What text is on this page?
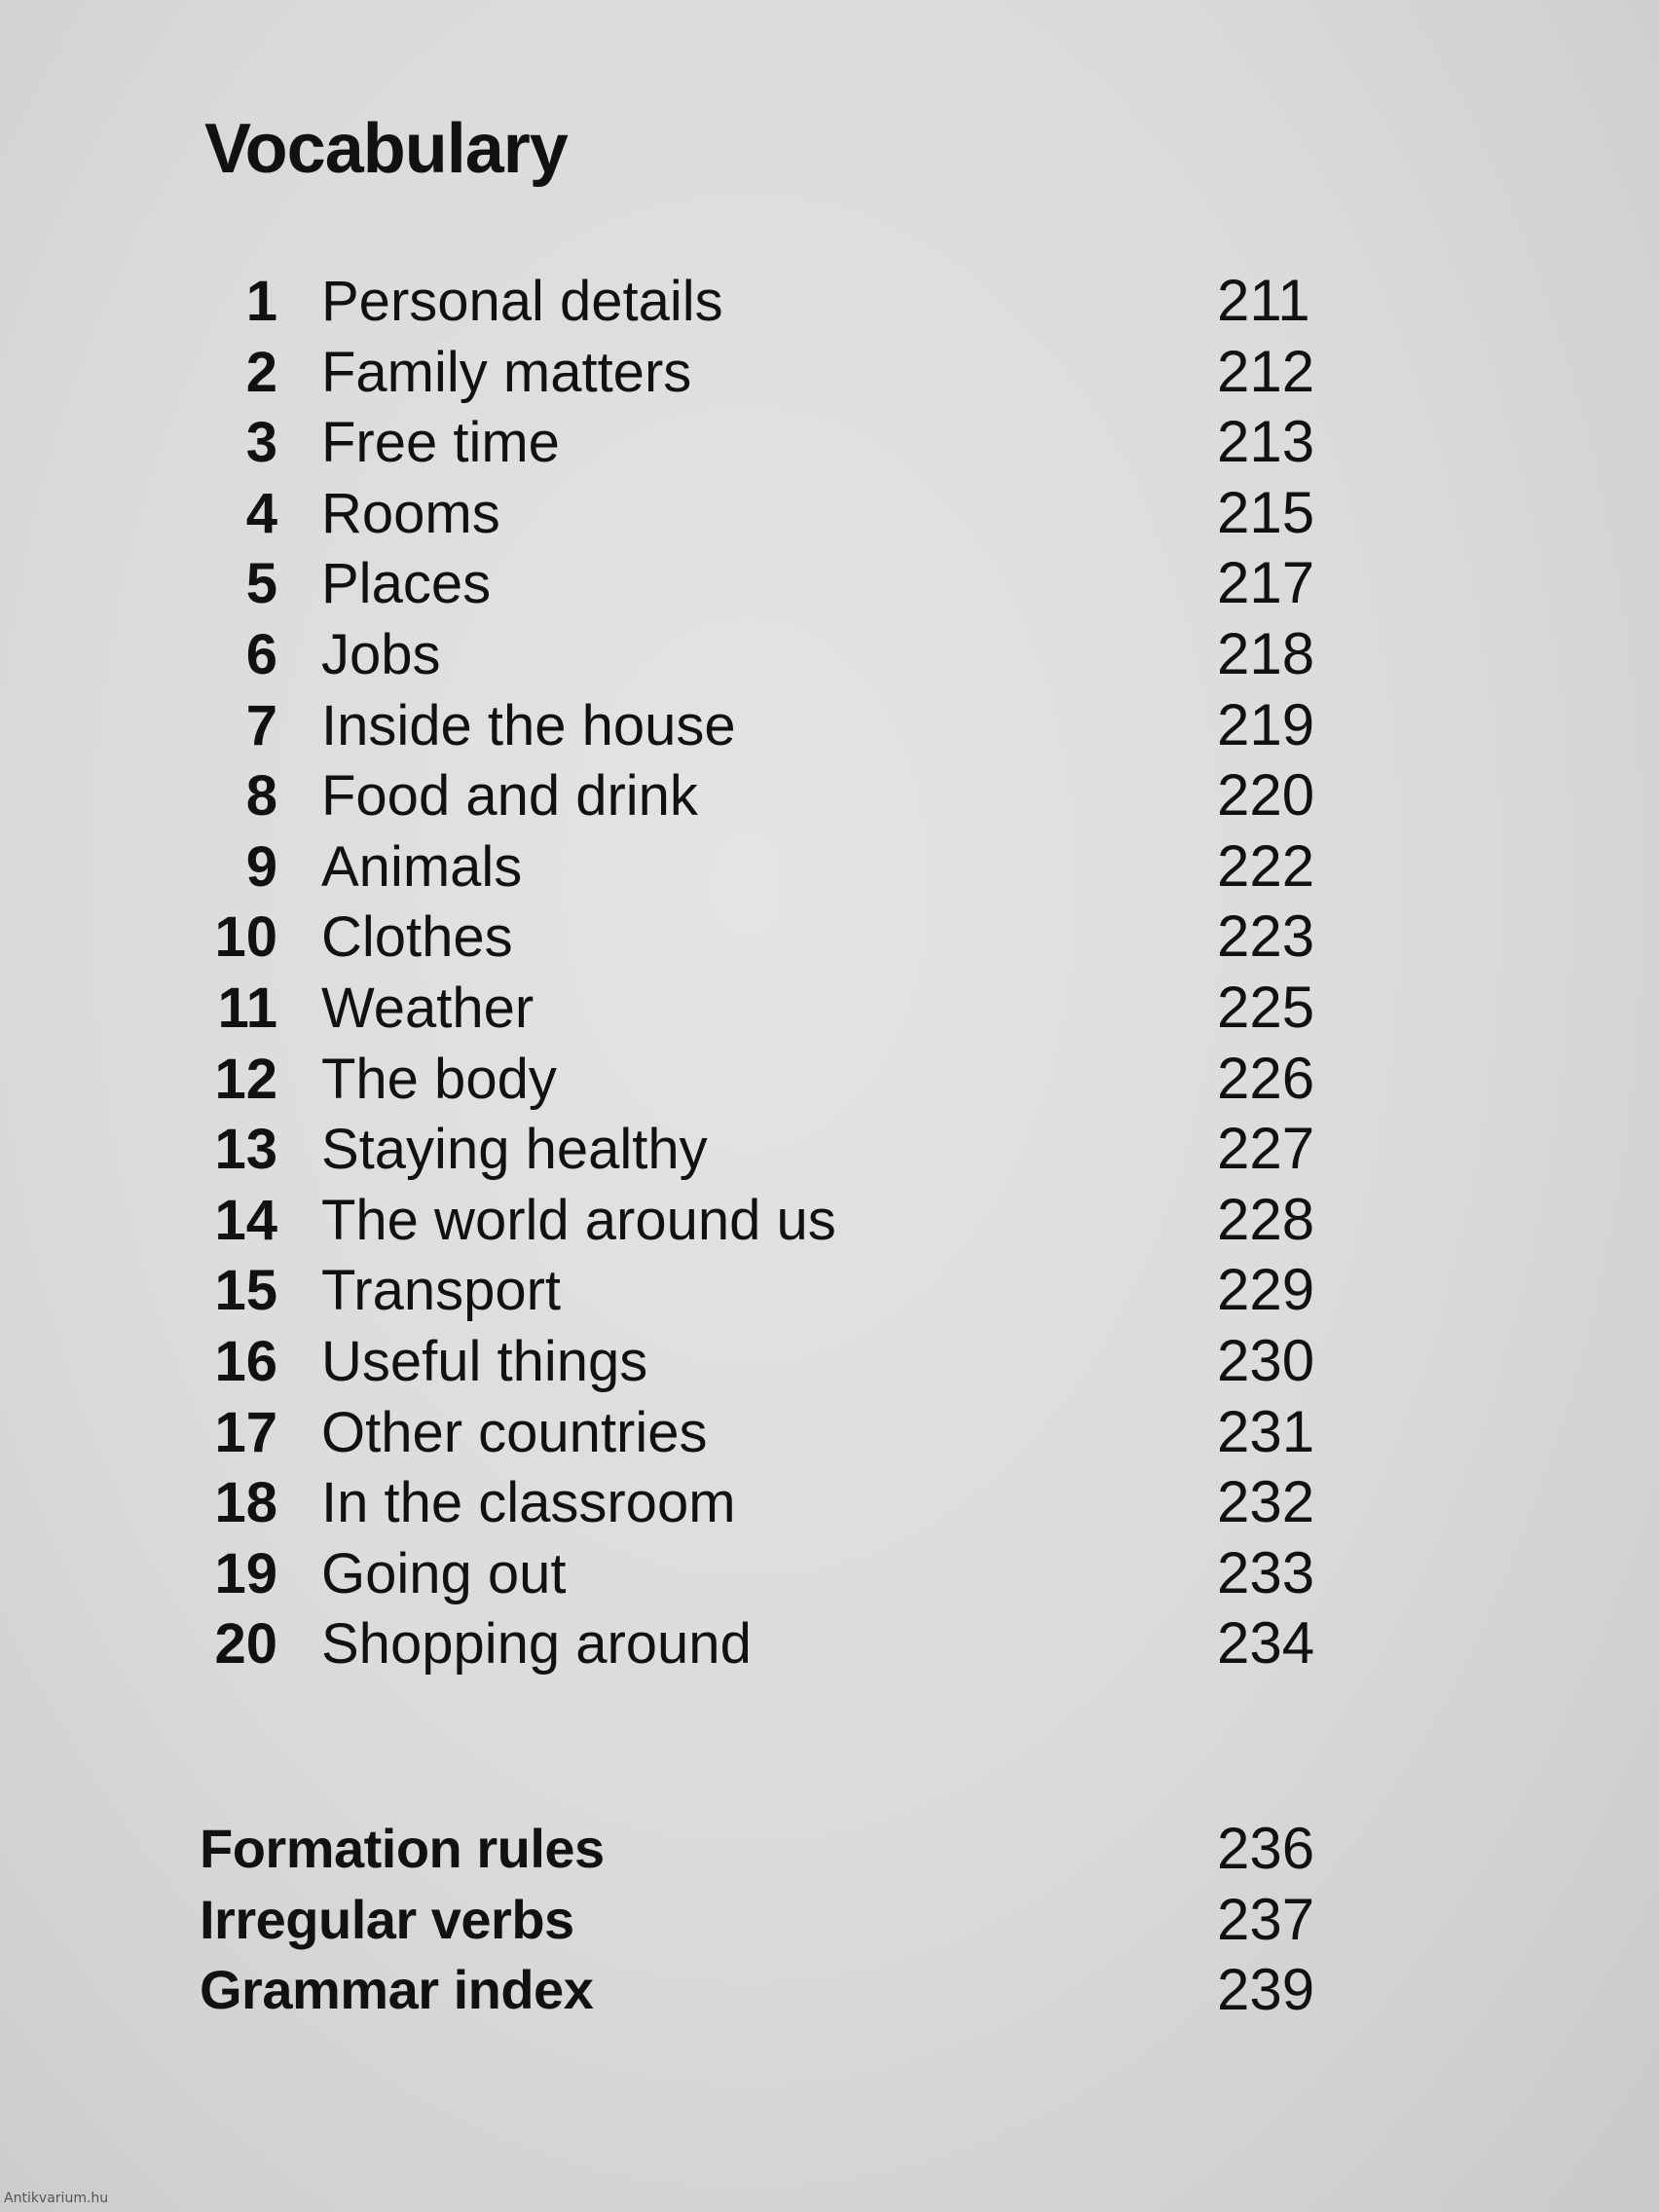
Vocabulary
1 Personal details	211
2 Family matters	212
3 Free time	213
4 Rooms	215
5 Places	217
6 Jobs	218
7 Inside the house	219
8 Food and drink	220
9 Animals	222
10 Clothes	223
11 Weather	225
12 The body	226
13 Staying healthy	227
14 The world around us	228
15 Transport	229
16 Useful things	230
17 Other countries	231
18 In the classroom	232
19 Going out	233
20 Shopping around	234
Formation rules	236
Irregular verbs	237
Grammar index	239
Antikvarium.hu
